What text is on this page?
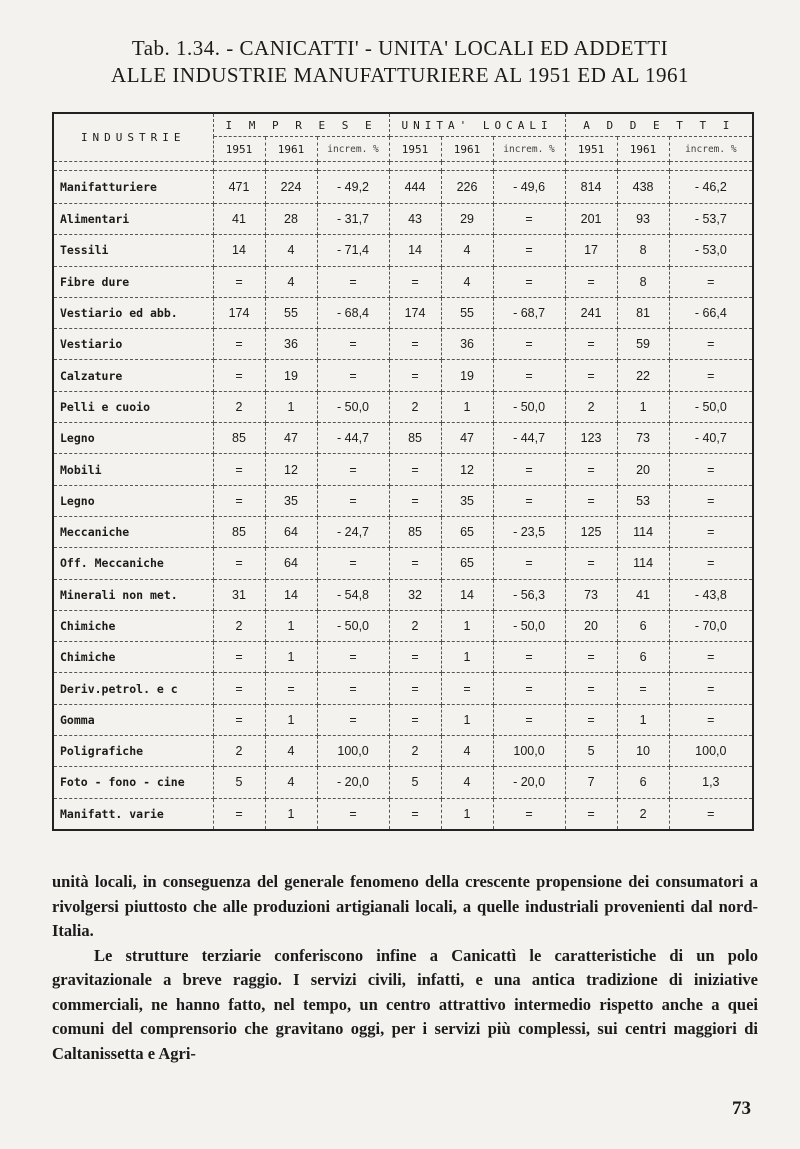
Tab. 1.34. - CANICATTI' - UNITA' LOCALI ED ADDETTI
ALLE INDUSTRIE MANUFATTURIERE AL 1951 ED AL 1961
INDUSTRIE	I M P R E S E			UNITA' LOCALI			A D D E T T I		
	1951	1961	increm. %	1951	1961	increm. %	1951	1961	increm. %

Manifatturiere	471	224	- 49,2	444	226	- 49,6	814	438	- 46,2
Alimentari	41	28	- 31,7	43	29	=	201	93	- 53,7
Tessili	14	4	- 71,4	14	4	=	17	8	- 53,0
Fibre dure	=	4	=	=	4	=	=	8	=
Vestiario ed abb.	174	55	- 68,4	174	55	- 68,7	241	81	- 66,4
Vestiario	=	36	=	=	36	=	=	59	=
Calzature	=	19	=	=	19	=	=	22	=
Pelli e cuoio	2	1	- 50,0	2	1	- 50,0	2	1	- 50,0
Legno	85	47	- 44,7	85	47	- 44,7	123	73	- 40,7
Mobili	=	12	=	=	12	=	=	20	=
Legno	=	35	=	=	35	=	=	53	=
Meccaniche	85	64	- 24,7	85	65	- 23,5	125	114	=
Off. Meccaniche	=	64	=	=	65	=	=	114	=
Minerali non met.	31	14	- 54,8	32	14	- 56,3	73	41	- 43,8
Chimiche	2	1	- 50,0	2	1	- 50,0	20	6	- 70,0
Chimiche	=	1	=	=	1	=	=	6	=
Deriv.petrol. e c	=	=	=	=	=	=	=	=	=
Gomma	=	1	=	=	1	=	=	1	=
Poligrafiche	2	4	100,0	2	4	100,0	5	10	100,0
Foto - fono - cine	5	4	- 20,0	5	4	- 20,0	7	6	1,3
Manifatt. varie	=	1	=	=	1	=	=	2	=

unità locali, in conseguenza del generale fenomeno della crescente propensione dei consumatori a rivolgersi piuttosto che alle produzioni artigianali locali, a quelle industriali provenienti dal nord-Italia.

Le strutture terziarie conferiscono infine a Canicattì le caratteristiche di un polo gravitazionale a breve raggio. I servizi civili, infatti, e una antica tradizione di iniziative commerciali, ne hanno fatto, nel tempo, un centro attrattivo intermedio rispetto anche a quei comuni del comprensorio che gravitano oggi, per i servizi più complessi, sui centri maggiori di Caltanissetta e Agri-

73
